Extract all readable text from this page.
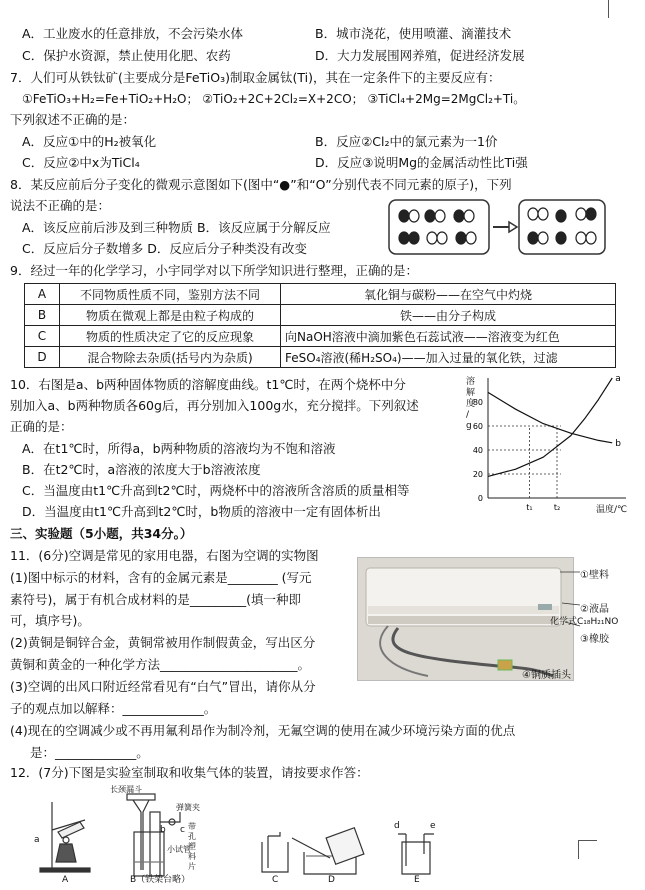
A．工业废水的任意排放，不会污染水体	B．城市浇花，使用喷灌、滴灌技术
C．保护水资源，禁止使用化肥、农药	D．大力发展围网养殖，促进经济发展
7．人们可从铁钛矿(主要成分是FeTiO₃)制取金属钛(Ti)，其在一定条件下的主要反应有：
①FeTiO₃+H₂=Fe+TiO₂+H₂O； ②TiO₂+2C+2Cl₂=X+2CO； ③TiCl₄+2Mg=2MgCl₂+Ti。
下列叙述不正确的是：
A．反应①中的H₂被氧化	B．反应②Cl₂中的氯元素为一1价
C．反应②中x为TiCl₄	D．反应③说明Mg的金属活动性比Ti强
8．某反应前后分子变化的微观示意图如下(图中“●”和“O”分别代表不同元素的原子)，下列
说法不正确的是：
A．该反应前后涉及到三种物质 B．该反应属于分解反应
C．反应后分子数增多 D．反应后分子种类没有改变
9．经过一年的化学学习，小宇同学对以下所学知识进行整理，正确的是：
A	不同物质性质不同，鉴别方法不同	氧化铜与碳粉——在空气中灼烧
B	物质在微观上都是由粒子构成的	铁——由分子构成
C	物质的性质决定了它的反应现象	向NaOH溶液中滴加紫色石蕊试液——溶液变为红色
D	混合物除去杂质(括号内为杂质)	FeSO₄溶液(稀H₂SO₄)——加入过量的氧化铁，过滤
10．右图是a、b两种固体物质的溶解度曲线。t1℃时，在两个烧杯中分
别加入a、b两种物质各60g后，再分别加入100g水，充分搅拌。下列叙述
正确的是：
A．在t1℃时，所得a，b两种物质的溶液均为不饱和溶液
B．在t2℃时，a溶液的浓度大于b溶液浓度
C．当温度由t1℃升高到t2℃时，两烧杯中的溶液所含溶质的质量相等
D．当温度由t1℃升高到t2℃时，b物质的溶液中一定有固体析出
溶
解
度
/
g
0
20
40
60
80
t₁	t₂
a
b
温度/℃
三、实验题（5小题，共34分。）
11．(6分)空调是常见的家用电器，右图为空调的实物图
(1)图中标示的材料，含有的金属元素是________ (写元
素符号)，属于有机合成材料的是_________(填一种即
可，填序号)。
(2)黄铜是铜锌合金，黄铜常被用作制假黄金，写出区分
黄铜和黄金的一种化学方法______________________。
(3)空调的出风口附近经常看见有“白气”冒出，请你从分
子的观点加以解释：_____________。
(4)现在的空调减少或不再用氟利昂作为制冷剂，无氟空调的使用在减少环境污染方面的优点
是：_____________。
①壁料
②液晶
化学式C₁₈H₂₁NO
③橡胶
④铜质插头
12．(7分)下图是实验室制取和收集气体的装置，请按要求作答：
a
长颈漏斗
弹簧夹
b c
小试管
d	e
A	B（铁架台略）	C	D	E
带孔塑料片
